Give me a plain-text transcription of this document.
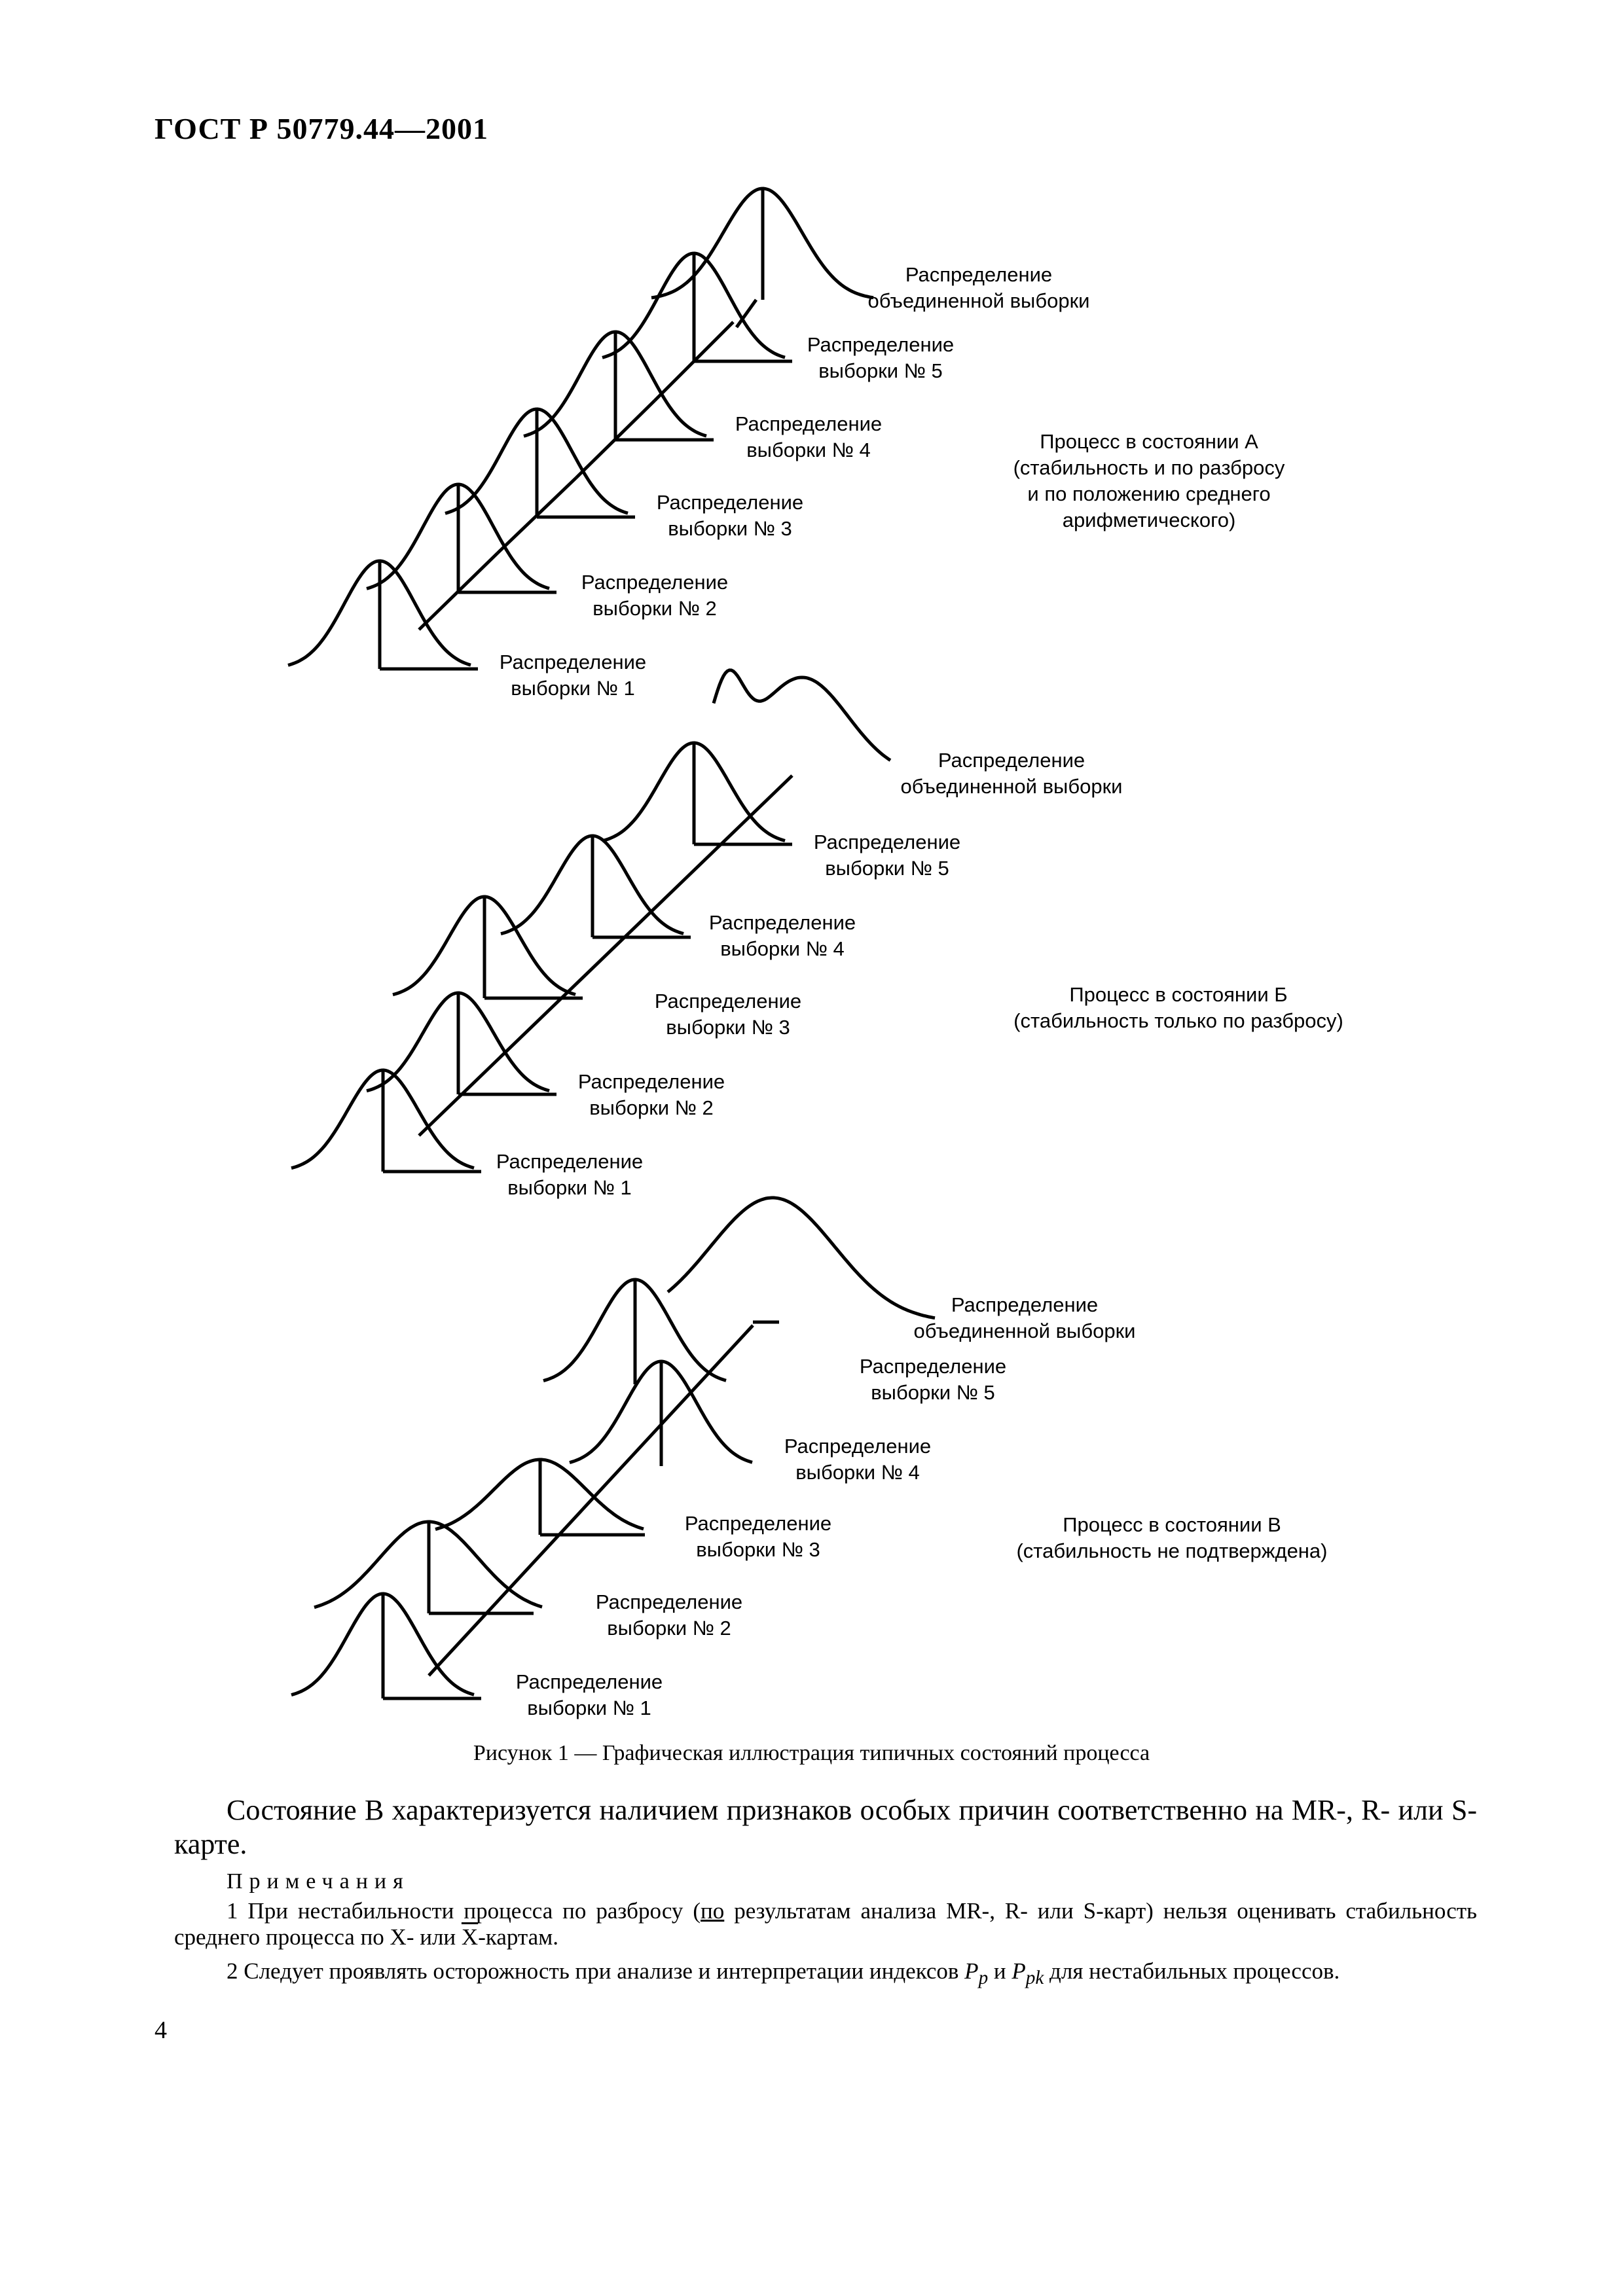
ГОСТ Р 50779.44—2001
Распределение объединенной выборки
Распределение выборки № 5
Распределение выборки № 4
Распределение выборки № 3
Распределение выборки № 2
Распределение выборки № 1
Процесс в состоянии А (стабильность и по разбросу и по положению среднего арифметического)
Распределение объединенной выборки
Распределение выборки № 5
Распределение выборки № 4
Распределение выборки № 3
Распределение выборки № 2
Распределение выборки № 1
Процесс в состоянии Б (стабильность только по разбросу)
Распределение объединенной выборки
Распределение выборки № 5
Распределение выборки № 4
Распределение выборки № 3
Распределение выборки № 2
Распределение выборки № 1
Процесс в состоянии В (стабильность не подтверждена)
Рисунок 1 — Графическая иллюстрация типичных состояний процесса
Состояние В характеризуется наличием признаков особых причин соответственно на MR-, R- или S-карте.
Примечания
1 При нестабильности процесса по разбросу (по результатам анализа MR-, R- или S-карт) нельзя оценивать стабильность среднего процесса по X- или $\overline{X}$-картам.
2 Следует проявлять осторожность при анализе и интерпретации индексов $P_p$ и $P_{pk}$ для нестабильных процессов.
4
